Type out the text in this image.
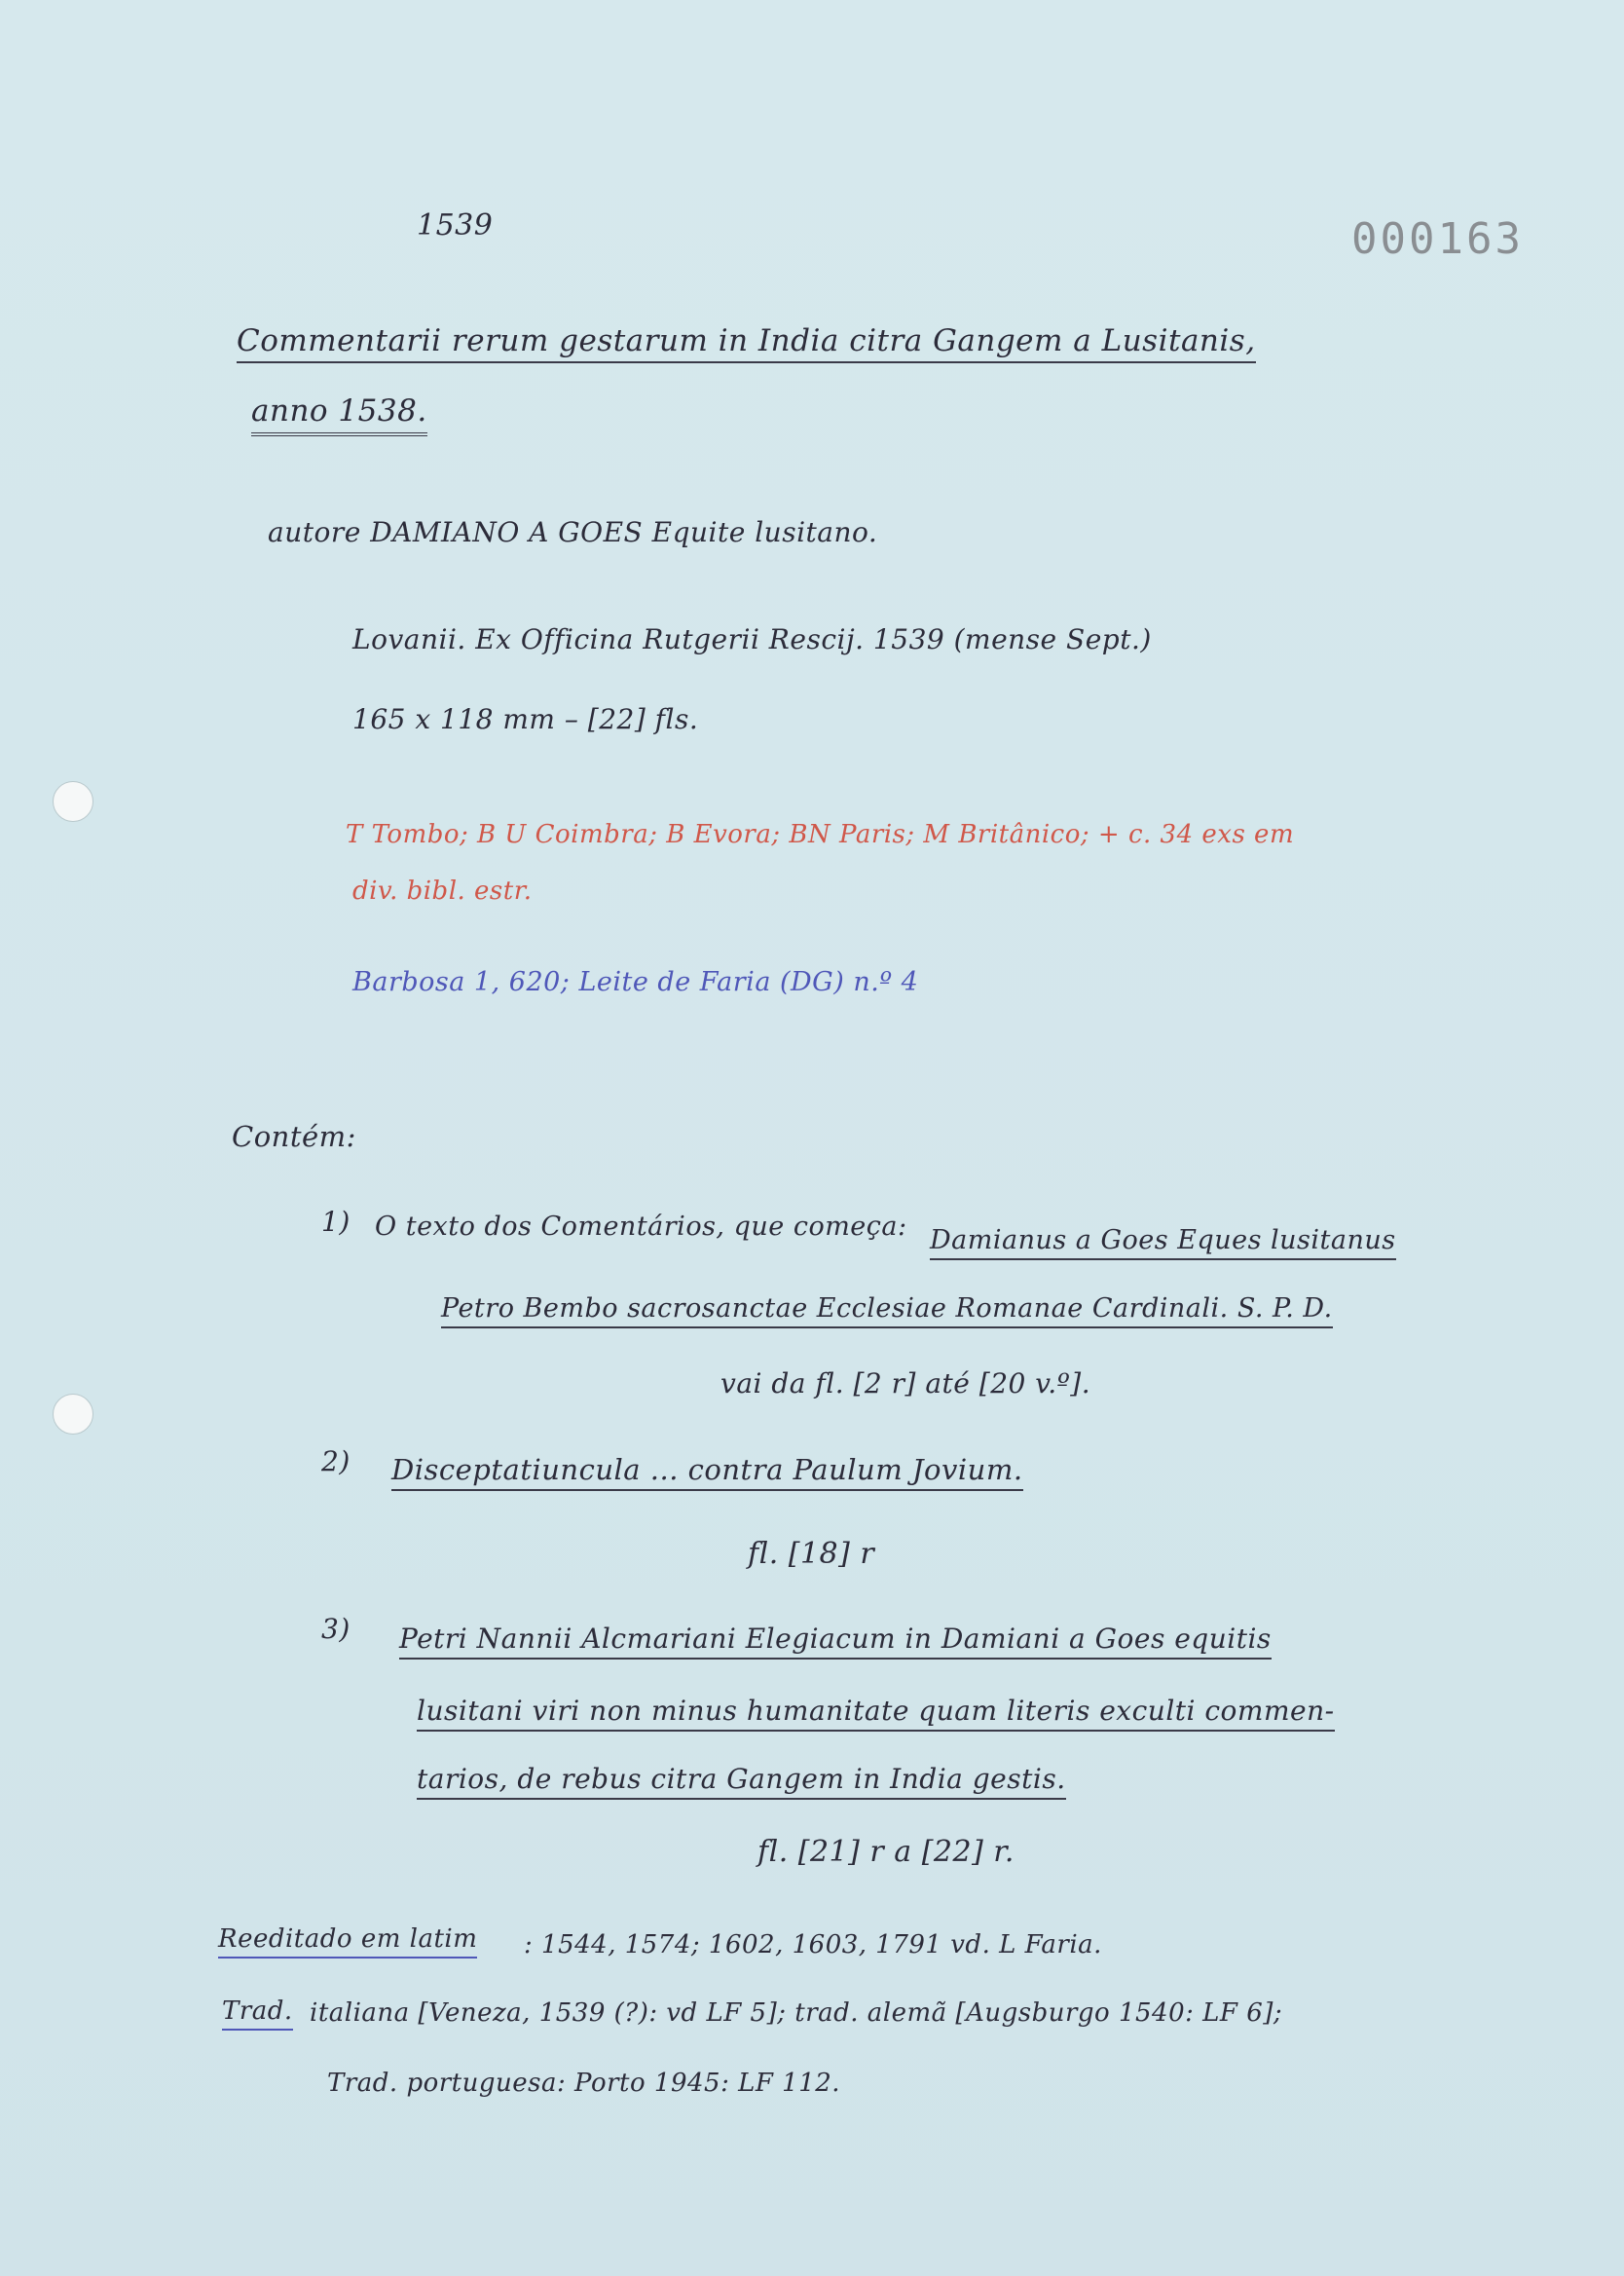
1539	000163
Commentarii rerum gestarum in India citra Gangem a Lusitanis,
anno 1538.
autore DAMIANO A GOES Equite lusitano.
Lovanii. Ex Officina Rutgerii Rescij. 1539 (mense Sept.)
165 x 118 mm – [22] fls.
T Tombo; B U Coimbra; B Evora; BN Paris; M Britânico; + c. 34 exs em
div. bibl. estr.
Barbosa 1, 620; Leite de Faria (DG) n.º 4
Contém:
1) O texto dos Comentários, que começa: Damianus a Goes Eques lusitanus
Petro Bembo sacrosanctae Ecclesiae Romanae Cardinali. S. P. D.
vai da fl. [2 r] até [20 v.º].
2) Disceptatiuncula ... contra Paulum Jovium.
fl. [18] r
3) Petri Nannii Alcmariani Elegiacum in Damiani a Goes equitis
lusitani viri non minus humanitate quam literis exculti commen-
tarios, de rebus citra Gangem in India gestis.
fl. [21] r a [22] r.
Reeditado em latim : 1544, 1574; 1602, 1603, 1791 vd. L Faria.
Trad. italiana [Veneza, 1539 (?): vd LF 5]; trad. alemã [Augsburgo 1540: LF 6];
Trad. portuguesa: Porto 1945: LF 112.
